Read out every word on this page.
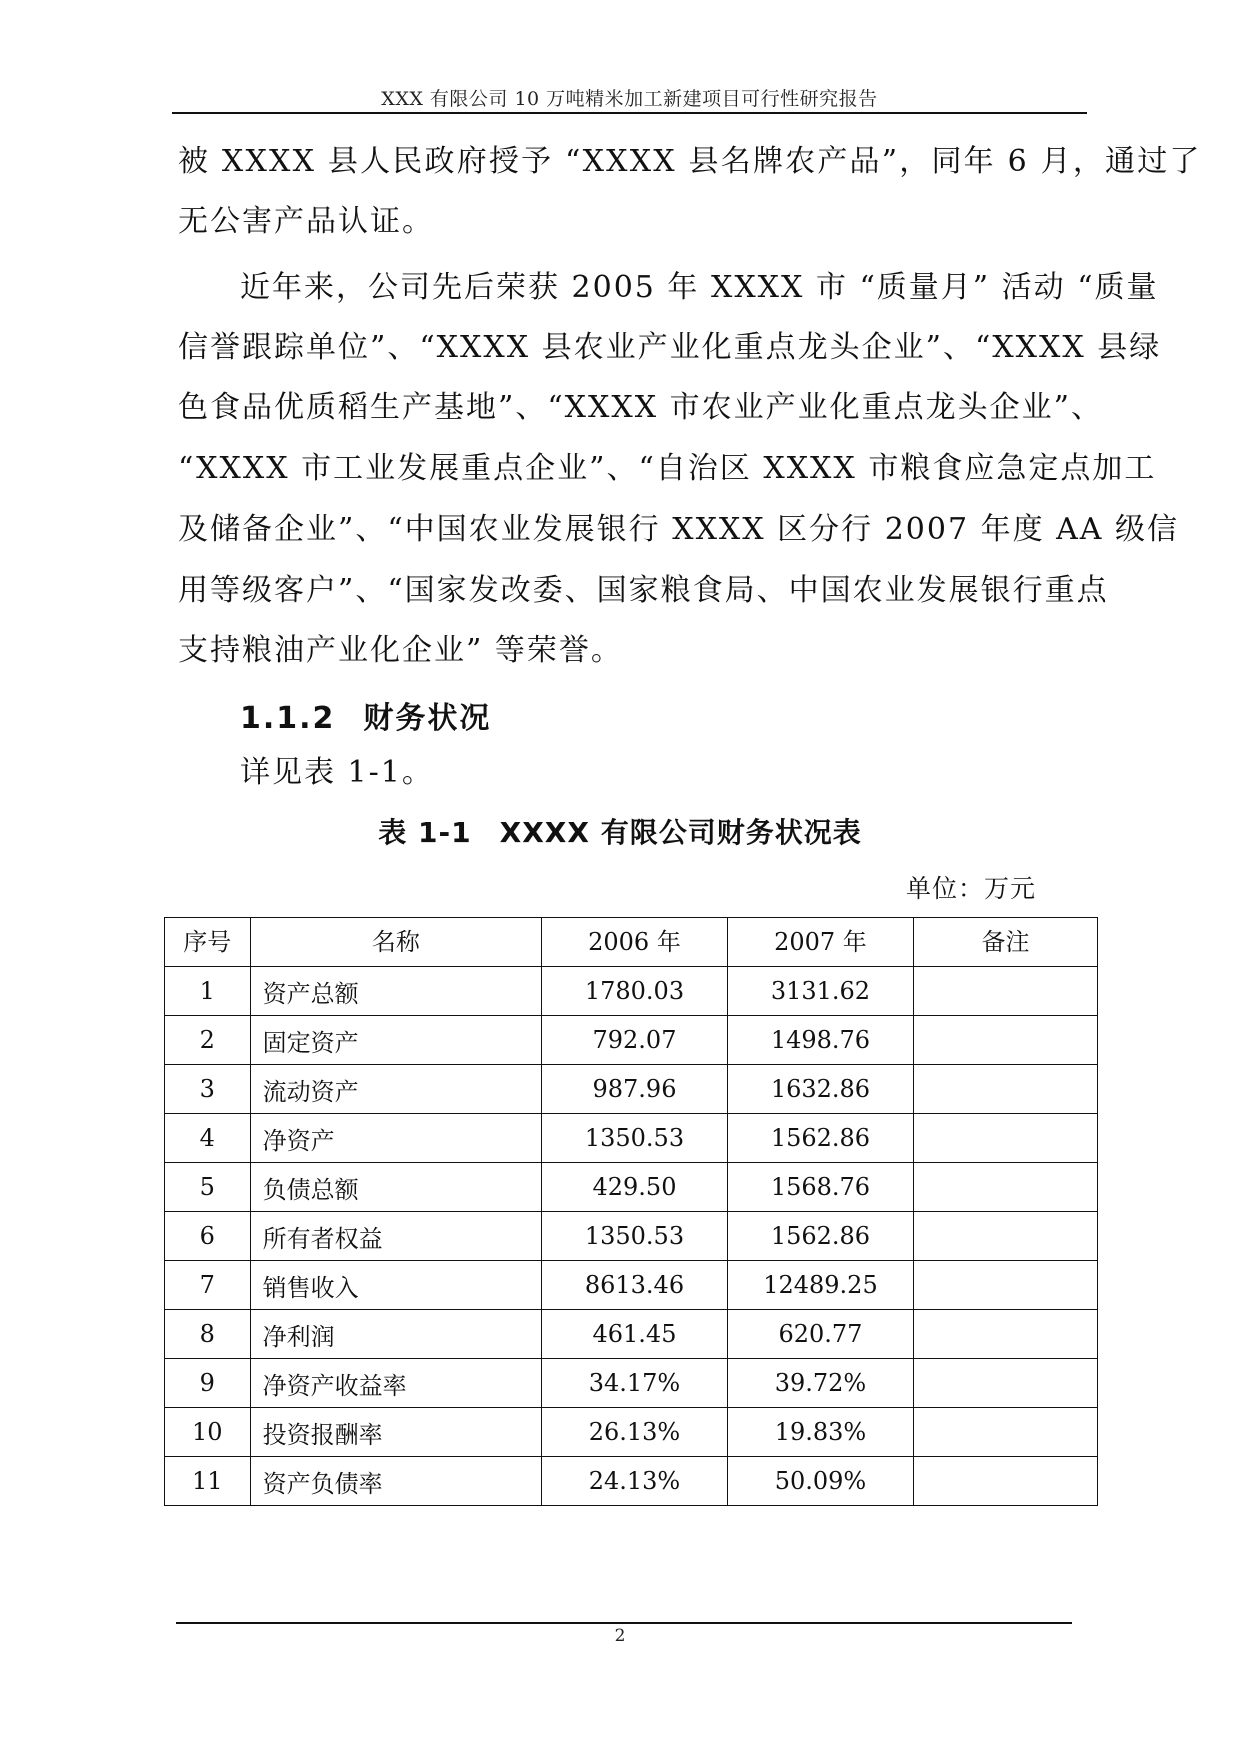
XXX 有限公司 10 万吨精米加工新建项目可行性研究报告
被 XXXX 县人民政府授予 “XXXX 县名牌农产品”，同年 6 月，通过了
无公害产品认证。
近年来，公司先后荣获 2005 年 XXXX 市 “质量月” 活动 “质量
信誉跟踪单位”、“XXXX 县农业产业化重点龙头企业”、“XXXX 县绿
色食品优质稻生产基地”、“XXXX 市农业产业化重点龙头企业”、
“XXXX 市工业发展重点企业”、“自治区 XXXX 市粮食应急定点加工
及储备企业”、“中国农业发展银行 XXXX 区分行 2007 年度 AA 级信
用等级客户”、“国家发改委、国家粮食局、中国农业发展银行重点
支持粮油产业化企业” 等荣誉。
1.1.2 财务状况
详见表 1-1。
表 1-1 XXXX 有限公司财务状况表
单位：万元
序号	名称	2006 年	2007 年	备注
1	资产总额	1780.03	3131.62	
2	固定资产	792.07	1498.76	
3	流动资产	987.96	1632.86	
4	净资产	1350.53	1562.86	
5	负债总额	429.50	1568.76	
6	所有者权益	1350.53	1562.86	
7	销售收入	8613.46	12489.25	
8	净利润	461.45	620.77	
9	净资产收益率	34.17%	39.72%	
10	投资报酬率	26.13%	19.83%	
11	资产负债率	24.13%	50.09%	
2
